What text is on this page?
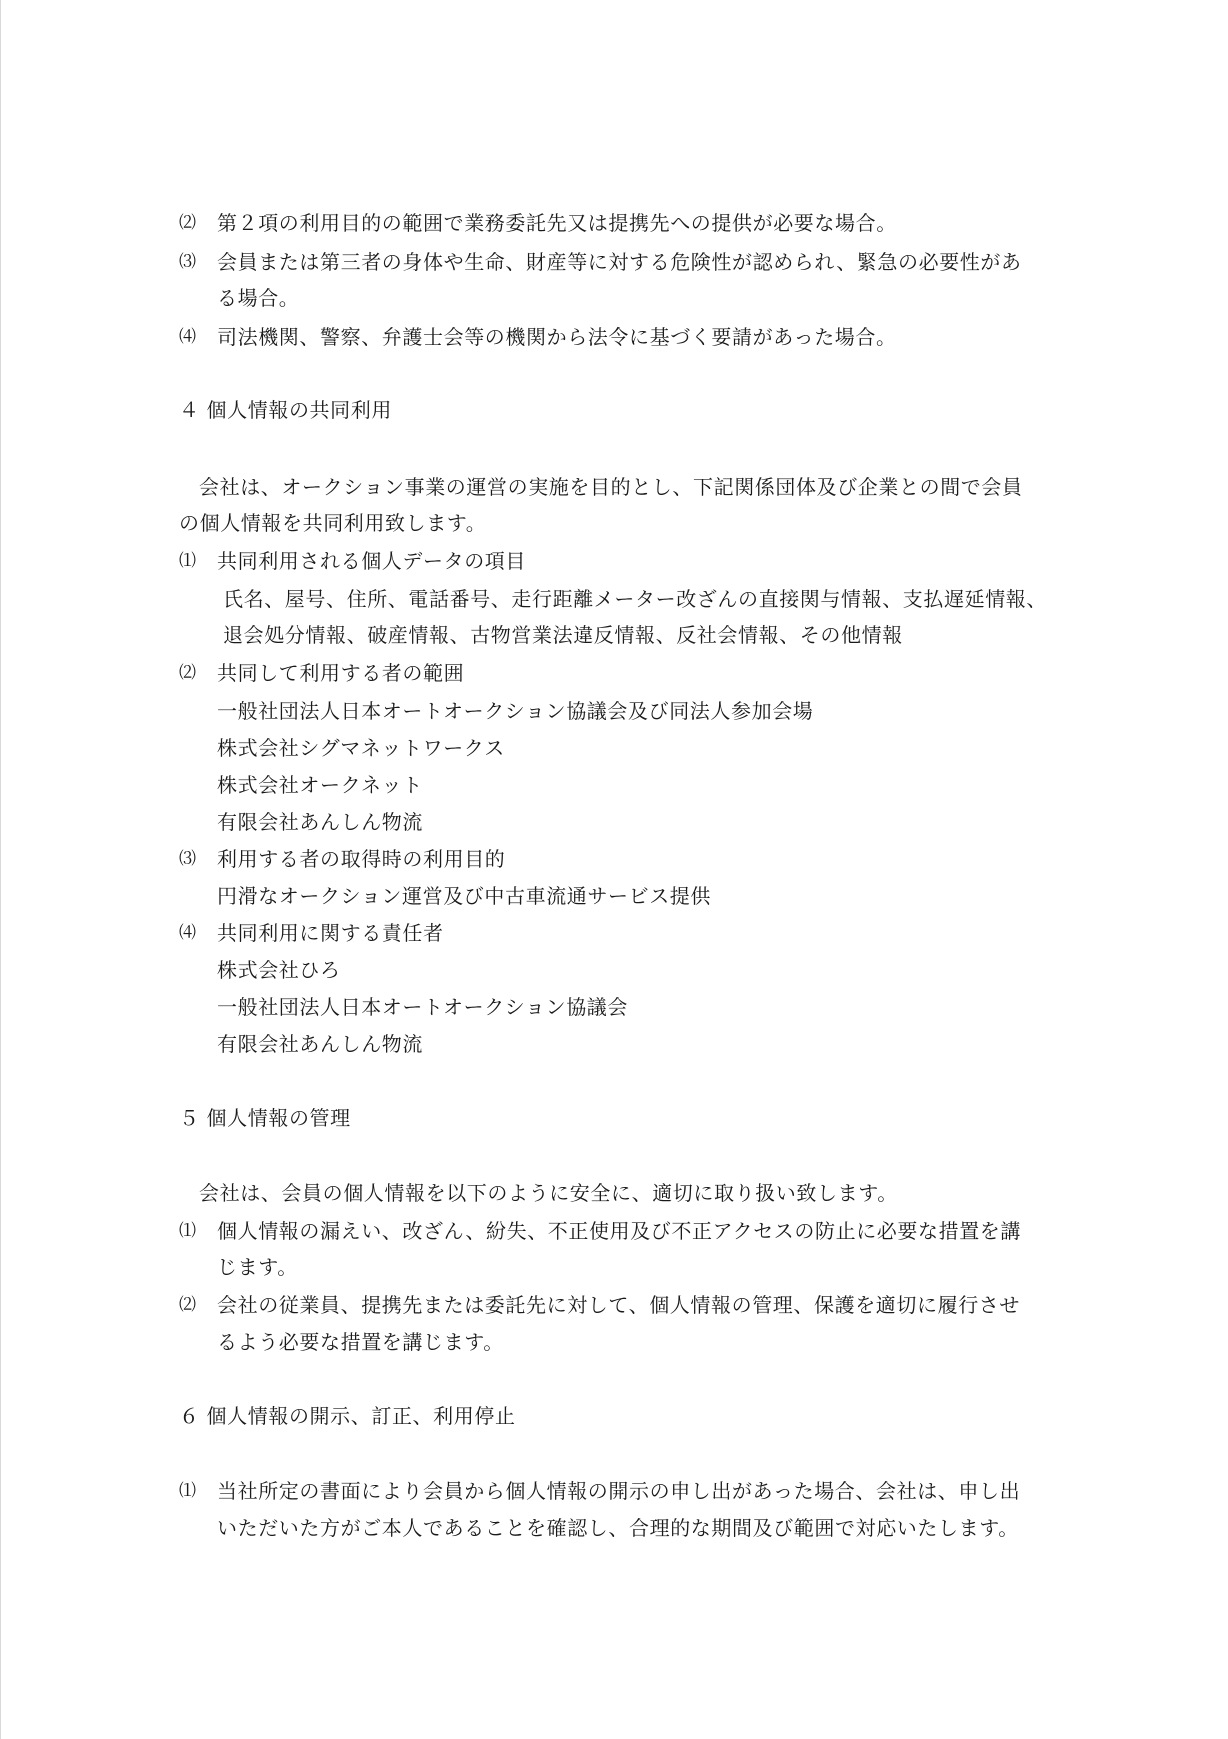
⑵ 第２項の利用目的の範囲で業務委託先又は提携先への提供が必要な場合。
⑶ 会員または第三者の身体や生命、財産等に対する危険性が認められ、緊急の必要性があ
る場合。
⑷ 司法機関、警察、弁護士会等の機関から法令に基づく要請があった場合。
４ 個人情報の共同利用
会社は、オークション事業の運営の実施を目的とし、下記関係団体及び企業との間で会員
の個人情報を共同利用致します。
⑴ 共同利用される個人データの項目
氏名、屋号、住所、電話番号、走行距離メーター改ざんの直接関与情報、支払遅延情報、
退会処分情報、破産情報、古物営業法違反情報、反社会情報、その他情報
⑵ 共同して利用する者の範囲
一般社団法人日本オートオークション協議会及び同法人参加会場
株式会社シグマネットワークス
株式会社オークネット
有限会社あんしん物流
⑶ 利用する者の取得時の利用目的
円滑なオークション運営及び中古車流通サービス提供
⑷ 共同利用に関する責任者
株式会社ひろ
一般社団法人日本オートオークション協議会
有限会社あんしん物流
５ 個人情報の管理
会社は、会員の個人情報を以下のように安全に、適切に取り扱い致します。
⑴ 個人情報の漏えい、改ざん、紛失、不正使用及び不正アクセスの防止に必要な措置を講
じます。
⑵ 会社の従業員、提携先または委託先に対して、個人情報の管理、保護を適切に履行させ
るよう必要な措置を講じます。
６ 個人情報の開示、訂正、利用停止
⑴ 当社所定の書面により会員から個人情報の開示の申し出があった場合、会社は、申し出
いただいた方がご本人であることを確認し、合理的な期間及び範囲で対応いたします。
